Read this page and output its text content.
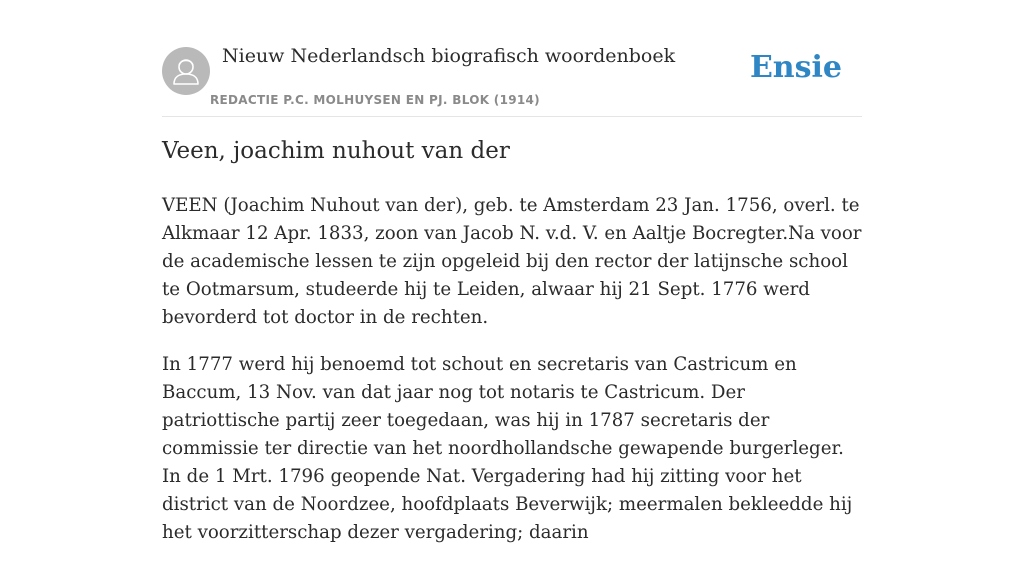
Nieuw Nederlandsch biografisch woordenboek
REDACTIE P.C. MOLHUYSEN EN PJ. BLOK (1914)
Ensie
Veen, joachim nuhout van der

VEEN (Joachim Nuhout van der), geb. te Amsterdam 23 Jan. 1756, overl. te Alkmaar 12 Apr. 1833, zoon van Jacob N. v.d. V. en Aaltje Bocregter.Na voor de academische lessen te zijn opgeleid bij den rector der latijnsche school te Ootmarsum, studeerde hij te Leiden, alwaar hij 21 Sept. 1776 werd bevorderd tot doctor in de rechten.

In 1777 werd hij benoemd tot schout en secretaris van Castricum en Baccum, 13 Nov. van dat jaar nog tot notaris te Castricum. Der patriottische partij zeer toegedaan, was hij in 1787 secretaris der commissie ter directie van het noordhollandsche gewapende burgerleger. In de 1 Mrt. 1796 geopende Nat. Vergadering had hij zitting voor het district van de Noordzee, hoofdplaats Beverwijk; meermalen bekleedde hij het voorzitterschap dezer vergadering; daarin
